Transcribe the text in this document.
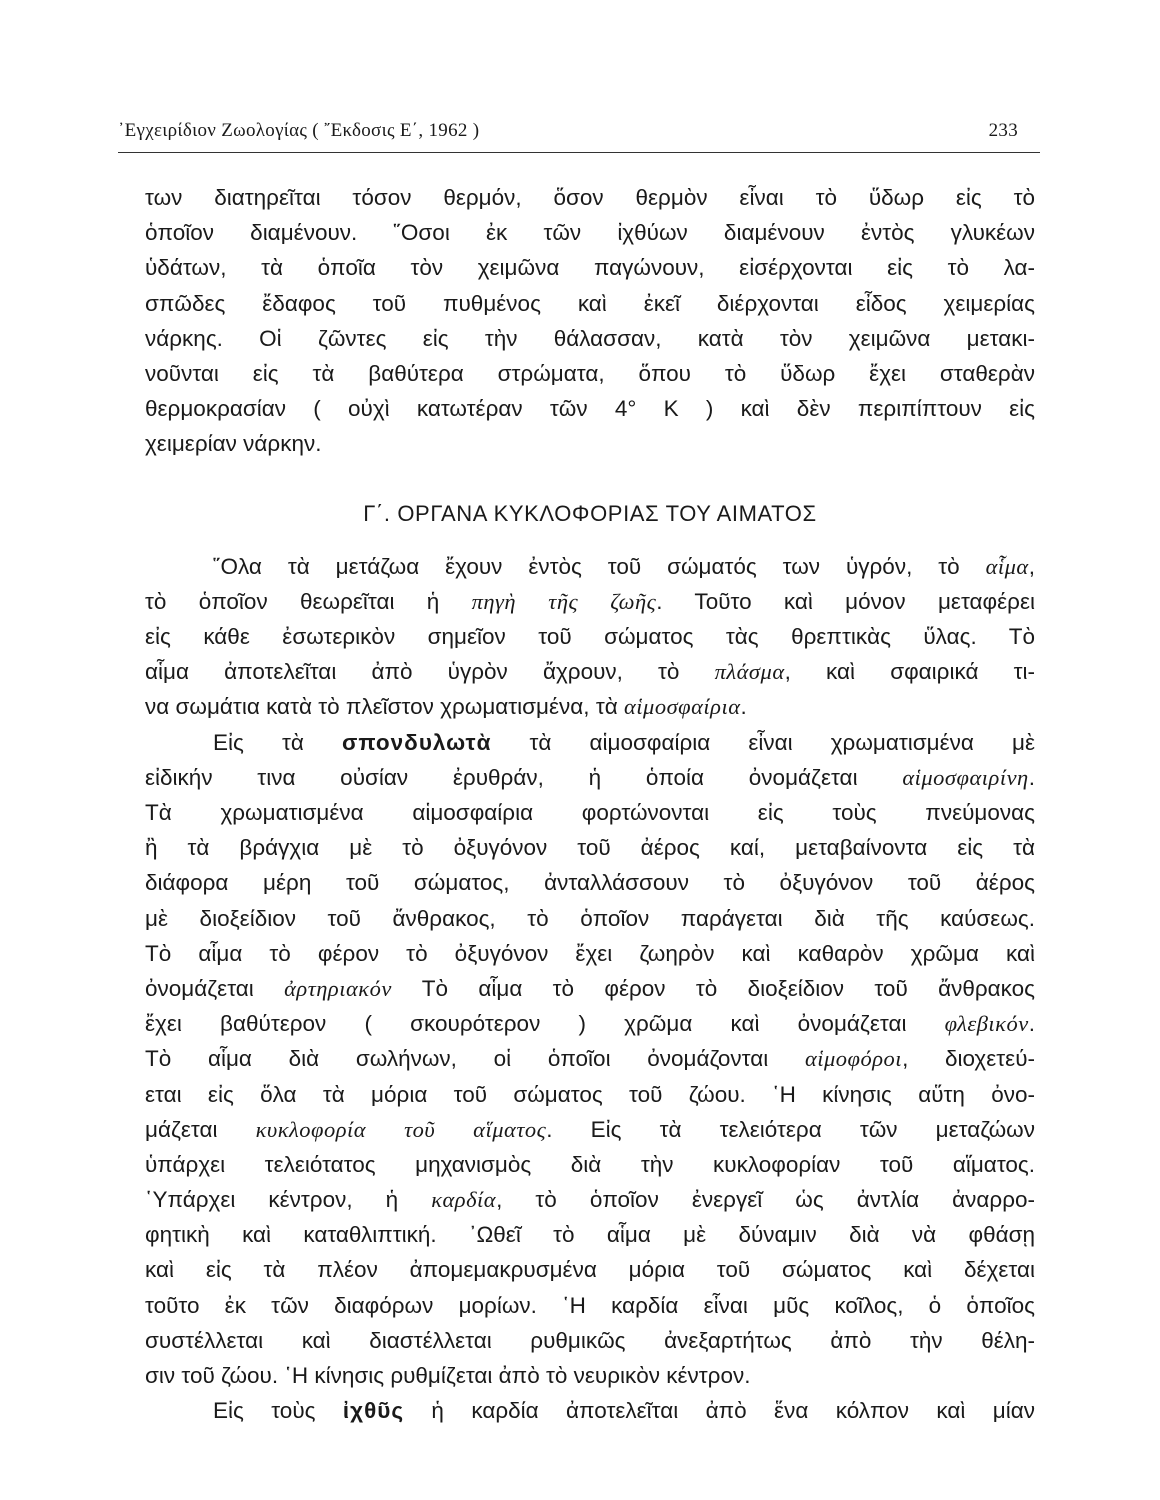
᾿Εγχειρίδιον Ζωολογίας ( ῎Εκδοσις Ε΄, 1962 )	233
των διατηρεῖται τόσον θερμόν, ὅσον θερμὸν εἶναι τὸ ὕδωρ εἰς τὸ
ὁποῖον διαμένουν. ῞Οσοι ἐκ τῶν ἰχθύων διαμένουν ἐντὸς γλυκέων
ὑδάτων, τὰ ὁποῖα τὸν χειμῶνα παγώνουν, εἰσέρχονται εἰς τὸ λα-
σπῶδες ἔδαφος τοῦ πυθμένος καὶ ἐκεῖ διέρχονται εἶδος χειμερίας
νάρκης. Οἱ ζῶντες εἰς τὴν θάλασσαν, κατὰ τὸν χειμῶνα μετακι-
νοῦνται εἰς τὰ βαθύτερα στρώματα, ὅπου τὸ ὕδωρ ἔχει σταθερὰν
θερμοκρασίαν ( οὐχὶ κατωτέραν τῶν 4° Κ ) καὶ δὲν περιπίπτουν εἰς
χειμερίαν νάρκην.
Γ΄. ΟΡΓΑΝΑ ΚΥΚΛΟΦΟΡΙΑΣ ΤΟΥ ΑΙΜΑΤΟΣ
῞Ολα τὰ μετάζωα ἔχουν ἐντὸς τοῦ σώματός των ὑγρόν, τὸ αἷμα,
τὸ ὁποῖον θεωρεῖται ἡ πηγὴ τῆς ζωῆς. Τοῦτο καὶ μόνον μεταφέρει
εἰς κάθε ἐσωτερικὸν σημεῖον τοῦ σώματος τὰς θρεπτικὰς ὕλας. Τὸ
αἷμα ἀποτελεῖται ἀπὸ ὑγρὸν ἄχρουν, τὸ πλάσμα, καὶ σφαιρικά τι-
να σωμάτια κατὰ τὸ πλεῖστον χρωματισμένα, τὰ αἱμοσφαίρια.
Εἰς τὰ σπονδυλωτὰ τὰ αἱμοσφαίρια εἶναι χρωματισμένα μὲ
εἰδικήν τινα οὐσίαν ἐρυθράν, ἡ ὁποία ὀνομάζεται αἱμοσφαιρίνη.
Τὰ χρωματισμένα αἱμοσφαίρια φορτώνονται εἰς τοὺς πνεύμονας
ἢ τὰ βράγχια μὲ τὸ ὀξυγόνον τοῦ ἀέρος καί, μεταβαίνοντα εἰς τὰ
διάφορα μέρη τοῦ σώματος, ἀνταλλάσσουν τὸ ὀξυγόνον τοῦ ἀέρος
μὲ διοξείδιον τοῦ ἄνθρακος, τὸ ὁποῖον παράγεται διὰ τῆς καύσεως.
Τὸ αἷμα τὸ φέρον τὸ ὀξυγόνον ἔχει ζωηρὸν καὶ καθαρὸν χρῶμα καὶ
ὀνομάζεται ἀρτηριακόν Τὸ αἷμα τὸ φέρον τὸ διοξείδιον τοῦ ἄνθρακος
ἔχει βαθύτερον ( σκουρότερον ) χρῶμα καὶ ὀνομάζεται φλεβικόν.
Τὸ αἷμα διὰ σωλήνων, οἱ ὁποῖοι ὀνομάζονται αἱμοφόροι, διοχετεύ-
εται εἰς ὅλα τὰ μόρια τοῦ σώματος τοῦ ζώου. ῾Η κίνησις αὕτη ὀνο-
μάζεται κυκλοφορία τοῦ αἵματος. Εἰς τὰ τελειότερα τῶν μεταζώων
ὑπάρχει τελειότατος μηχανισμὸς διὰ τὴν κυκλοφορίαν τοῦ αἵματος.
῾Υπάρχει κέντρον, ἡ καρδία, τὸ ὁποῖον ἐνεργεῖ ὡς ἀντλία ἀναρρο-
φητικὴ καὶ καταθλιπτική. ᾿Ωθεῖ τὸ αἷμα μὲ δύναμιν διὰ νὰ φθάσῃ
καὶ εἰς τὰ πλέον ἀπομεμακρυσμένα μόρια τοῦ σώματος καὶ δέχεται
τοῦτο ἐκ τῶν διαφόρων μορίων. ῾Η καρδία εἶναι μῦς κοῖλος, ὁ ὁποῖος
συστέλλεται καὶ διαστέλλεται ρυθμικῶς ἀνεξαρτήτως ἀπὸ τὴν θέλη-
σιν τοῦ ζώου. ῾Η κίνησις ρυθμίζεται ἀπὸ τὸ νευρικὸν κέντρον.
Εἰς τοὺς ἰχθῦς ἡ καρδία ἀποτελεῖται ἀπὸ ἕνα κόλπον καὶ μίαν
